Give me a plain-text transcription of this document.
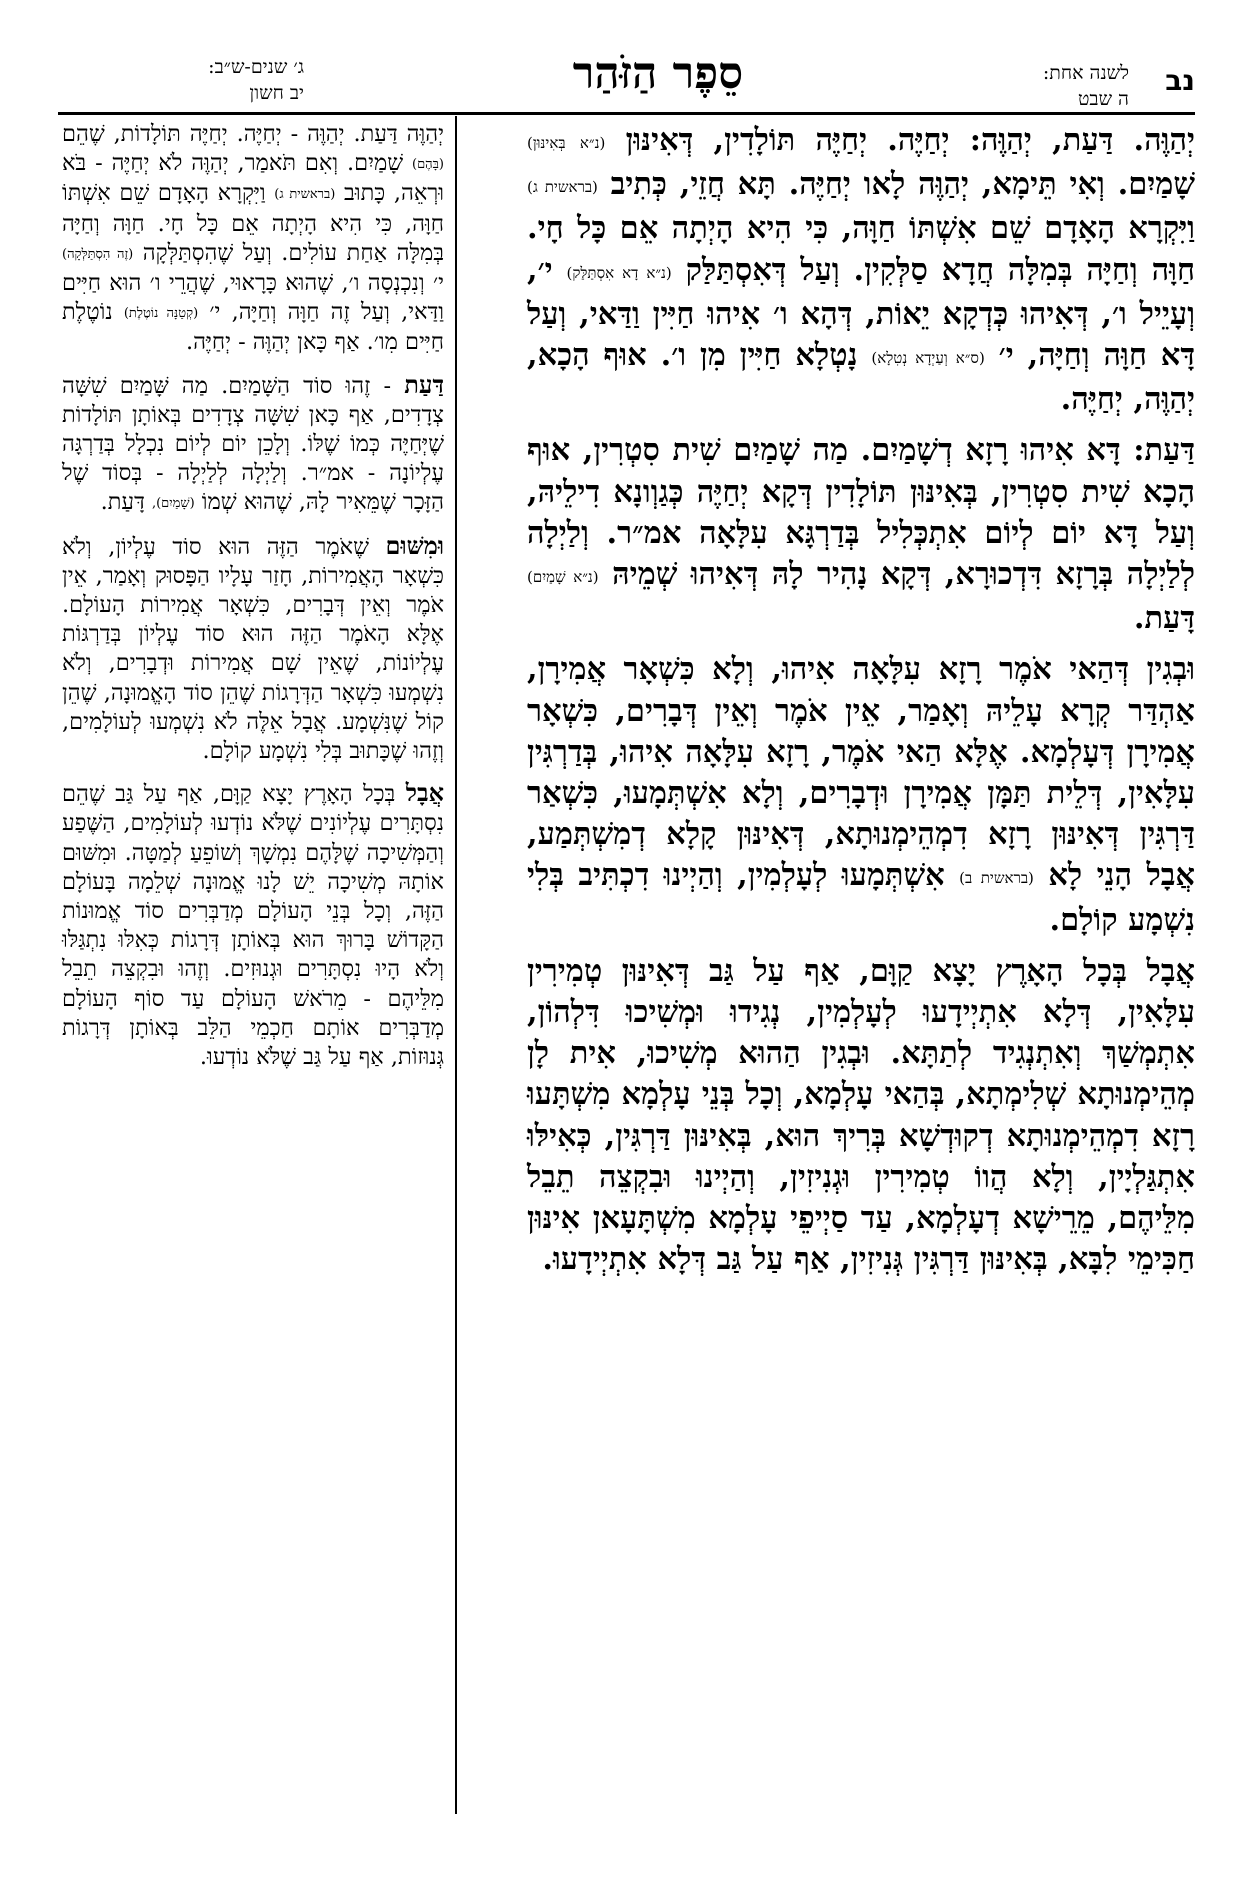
נב
לשנה אחת:
ה שבט
סֵפֶר הַזֹּהַר
ג׳ שנים-ש״ב:
יב חשון
יְהַוֶּה. דַּעַת, יְהַוֶּה: יְחַיֶּה. יְחַיֶּה תּוֹלָדִין, דְּאִינּוּן (נ״א בְּאִינּוּן) שָׁמַיִם. וְאִי תֵּימָא, יְהַוֶּה לָאו יְחַיֶּה. תָּא חֲזֵי, כְּתִיב (בראשית ג) וַיִּקְרָא הָאָדָם שֵׁם אִשְׁתּוֹ חַוָּה, כִּי הִיא הָיְתָה אֵם כָּל חָי. חַוָּה וְחַיָּה בְּמִלָּה חֲדָא סַלְּקִין. וְעַל דְּאִסְתַּלַּק (נ״א דָא אִסְתַּלַּק) י׳, וְעָיֵיל ו׳, דְּאִיהוּ כְּדְקָא יֵאוֹת, דְּהָא ו׳ אִיהוּ חַיִּין וַדַּאי, וְעַל דָּא חַוָּה וְחַיָּה, י׳ (ס״א וְעַיְדָא נְטִלָא) נָטְלָא חַיִּין מִן ו׳. אוּף הָכָא, יְהַוֶּה, יְחַיֶּה.
דַּעַת: דָּא אִיהוּ רָזָא דְשָׁמַיִם. מַה שָׁמַיִם שִׁית סִטְרִין, אוּף הָכָא שִׁית סִטְרִין, בְּאִינּוּן תּוֹלָדִין דְּקָא יְחַיֶּה כְּגַוְונָא דִילֵיהּ, וְעַל דָּא יוֹם לְיוֹם אִתְכְּלִיל בְּדַרְגָּא עִלָּאָה אמ״ר. וְלַיְלָה לְלַיְלָה בְּרָזָא דִּדְכוּרָא, דְּקָא נָהִיר לָהּ דְּאִיהוּ שְׁמֵיהּ (נ״א שָׁמַיִם) דָּעַת.
וּבְגִין דְּהַאי אֹמֶר רָזָא עִלָּאָה אִיהוּ, וְלָא כִּשְׁאָר אֲמִירָן, אַהְדַּר קְרָא עָלֵיהּ וְאָמַר, אֵין אֹמֶר וְאֵין דְּבָרִים, כִּשְׁאָר אֲמִירָן דְּעָלְמָא. אֶלָּא הַאי אֹמֶר, רָזָא עִלָּאָה אִיהוּ, בְּדַרְגִּין עִלָּאִין, דְּלֵית תַּמָּן אֲמִירָן וּדְבָרִים, וְלָא אִשְׁתְּמָעוּ, כִּשְׁאַר דַּרְגִּין דְּאִינּוּן רָזָא דִמְהֵימְנוּתָא, דְּאִינּוּן קָלָא דְמִשְׁתְּמַע, אֲבָל הָנֵי לָא (בראשית ב) אִשְׁתְּמָעוּ לְעָלְמִין, וְהַיְינוּ דִכְתִּיב בְּלִי נִשְׁמָע קוֹלָם.
אֲבָל בְּכָל הָאָרֶץ יָצָא קַוָּם, אַף עַל גַּב דְּאִינּוּן טְמִירִין עִלָּאִין, דְּלָא אִתְיְידָעוּ לְעָלְמִין, נְגִידוּ וּמְשִׁיכוּ דִּלְהוֹן, אִתְמְשַׁךְ וְאִתְנְגִיד לְתַתָּא. וּבְגִין הַהוּא מְשִׁיכוּ, אִית לָן מְהֵימְנוּתָא שְׁלִימְתָא, בְּהַאי עָלְמָא, וְכָל בְּנֵי עָלְמָא מִשְׁתָּעוּ רָזָא דִמְהֵימְנוּתָא דְקוּדְשָׁא בְּרִיךְ הוּא, בְּאִינּוּן דַּרְגִּין, כְּאִילּוּ אִתְגַּלְיָין, וְלָא הֲווֹ טְמִירִין וּגְנִיזִין, וְהַיְינוּ וּבִקְצֵה תֵבֵל מִלֵּיהֶם, מֵרֵישָׁא דְעָלְמָא, עַד סַיְיפֵי עָלְמָא מִשְׁתָּעָאן אִינּוּן חַכִּימֵי לִבָּא, בְּאִינּוּן דַּרְגִּין גְּנִיזִין, אַף עַל גַּב דְּלָא אִתְיְידָעוּ.
יְהַוֶּה דַּעַת. יְהַוֶּה - יְחַיֶּה. יְחַיֶּה תּוֹלָדוֹת, שֶׁהֵם (בָּהֶם) שָׁמַיִם. וְאִם תֹּאמַר, יְהַוֶּה לֹא יְחַיֶּה - בֹּא וּרְאֵה, כָּתוּב (בראשית ג) וַיִּקְרָא הָאָדָם שֵׁם אִשְׁתּוֹ חַוָּה, כִּי הִיא הָיְתָה אֵם כָּל חָי. חַוָּה וְחַיָּה בְּמִלָּה אַחַת עוֹלִים. וְעַל שֶׁהִסְתַּלְּקָה (זֶה הִסְתַּלְּקָה) י׳ וְנִכְנְסָה ו׳, שֶׁהוּא כָּרָאוּי, שֶׁהֲרֵי ו׳ הוּא חַיִּים וַדַּאי, וְעַל זֶה חַוָּה וְחַיָּה, י׳ (קְטַנָּה נוֹטֶלֶת) נוֹטֶלֶת חַיִּים מִו׳. אַף כָּאן יְהַוֶּה - יְחַיֶּה.
דַּעַת - זֶהוּ סוֹד הַשָּׁמַיִם. מַה שָּׁמַיִם שִׁשָּׁה צְדָדִים, אַף כָּאן שִׁשָּׁה צְדָדִים בְּאוֹתָן תּוֹלָדוֹת שֶׁיְּחַיֶּה כְּמוֹ שֶׁלּוֹ. וְלָכֵן יוֹם לְיוֹם נִכְלָל בְּדַרְגָּה עֶלְיוֹנָה - אמ״ר. וְלַיְלָה לְלַיְלָה - בְּסוֹד שֶׁל הַזָּכָר שֶׁמֵּאִיר לָהּ, שֶׁהוּא שְׁמוֹ (שָׁמַיִם), דָּעַת.
וּמִשּׁוּם שֶׁאֹמֶר הַזֶּה הוּא סוֹד עֶלְיוֹן, וְלֹא כִּשְׁאָר הָאֲמִירוֹת, חָזַר עָלָיו הַפָּסוּק וְאָמַר, אֵין אֹמֶר וְאֵין דְּבָרִים, כִּשְׁאָר אֲמִירוֹת הָעוֹלָם. אֶלָּא הָאֹמֶר הַזֶּה הוּא סוֹד עֶלְיוֹן בְּדַרְגּוֹת עֶלְיוֹנוֹת, שֶׁאֵין שָׁם אֲמִירוֹת וּדְבָרִים, וְלֹא נִשְׁמְעוּ כִּשְׁאָר הַדְּרָגוֹת שֶׁהֵן סוֹד הָאֱמוּנָה, שֶׁהֵן קוֹל שֶׁנִּשְׁמָע. אֲבָל אֵלֶּה לֹא נִשְׁמְעוּ לְעוֹלָמִים, וְזֶהוּ שֶׁכָּתוּב בְּלִי נִשְׁמָע קוֹלָם.
אֲבָל בְּכָל הָאָרֶץ יָצָא קַוָּם, אַף עַל גַּב שֶׁהֵם נִסְתָּרִים עֶלְיוֹנִים שֶׁלֹּא נוֹדְעוּ לְעוֹלָמִים, הַשֶּׁפַע וְהַמְּשִׁיכָה שֶׁלָּהֶם נִמְשָׁךְ וְשׁוֹפֵעַ לְמַטָּה. וּמִשּׁוּם אוֹתָהּ מְשִׁיכָה יֵשׁ לָנוּ אֱמוּנָה שְׁלֵמָה בָּעוֹלָם הַזֶּה, וְכָל בְּנֵי הָעוֹלָם מְדַבְּרִים סוֹד אֱמוּנוֹת הַקָּדוֹשׁ בָּרוּךְ הוּא בְּאוֹתָן דְּרָגוֹת כְּאִלּוּ נִתְגַּלּוּ וְלֹא הָיוּ נִסְתָּרִים וּגְנוּזִים. וְזֶהוּ וּבִקְצֵה תֵבֵל מִלֵּיהֶם - מֵרֹאשׁ הָעוֹלָם עַד סוֹף הָעוֹלָם מְדַבְּרִים אוֹתָם חַכְמֵי הַלֵּב בְּאוֹתָן דְּרָגוֹת גְּנוּזוֹת, אַף עַל גַּב שֶׁלֹּא נוֹדְעוּ.
